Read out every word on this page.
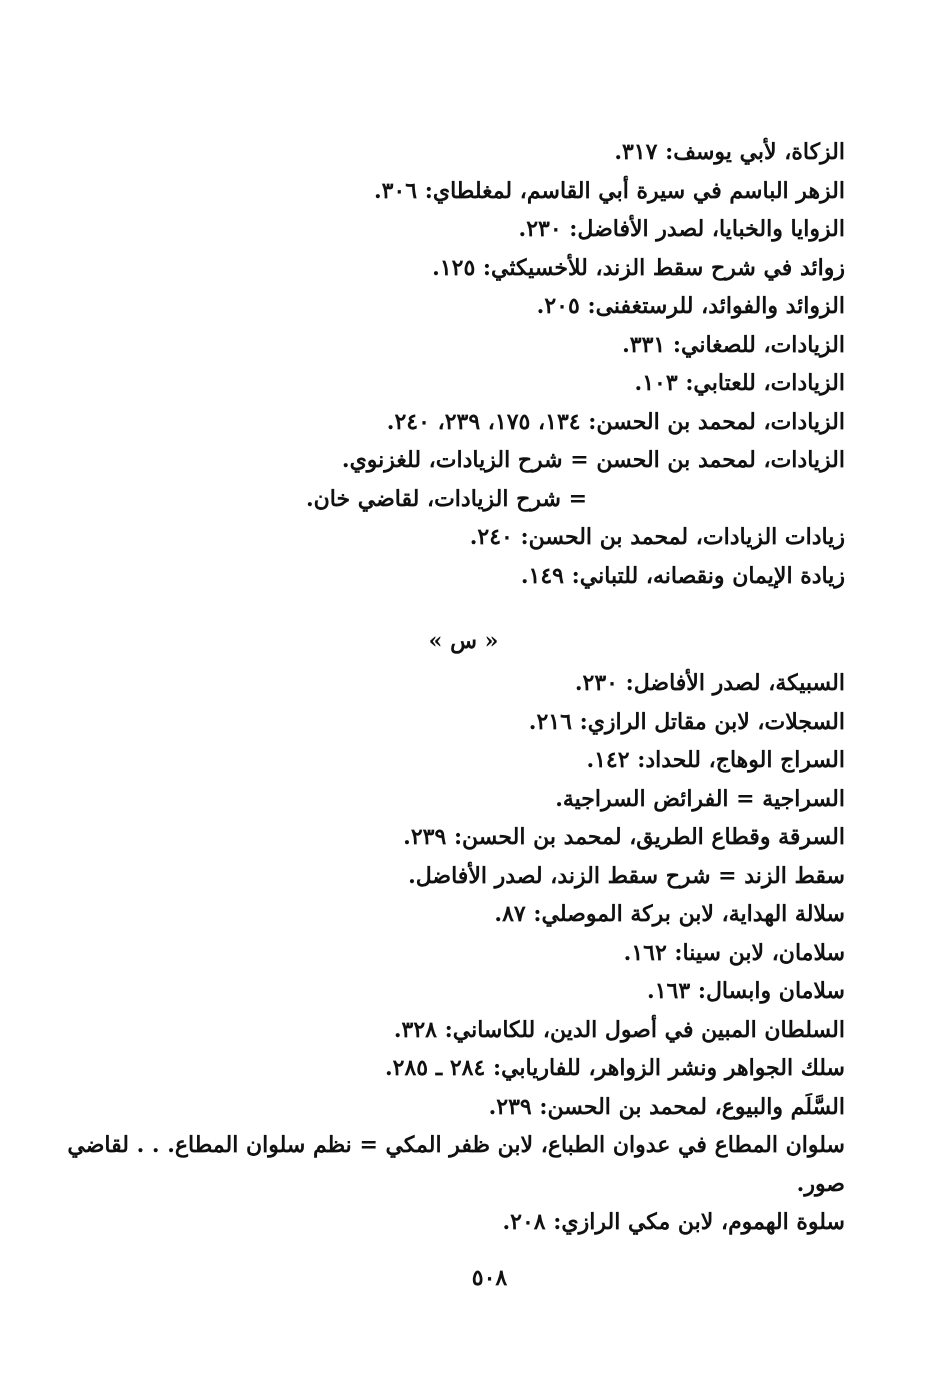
الزكاة، لأبي يوسف: ٣١٧.
الزهر الباسم في سيرة أبي القاسم، لمغلطاي: ٣٠٦.
الزوايا والخبايا، لصدر الأفاضل: ٢٣٠.
زوائد في شرح سقط الزند، للأخسيكثي: ١٢٥.
الزوائد والفوائد، للرستغفنى: ٢٠٥.
الزيادات، للصغاني: ٣٣١.
الزيادات، للعتابي: ١٠٣.
الزيادات، لمحمد بن الحسن: ١٣٤، ١٧٥، ٢٣٩، ٢٤٠.
الزيادات، لمحمد بن الحسن = شرح الزيادات، للغزنوي.
= شرح الزيادات، لقاضي خان.
زيادات الزيادات، لمحمد بن الحسن: ٢٤٠.
زيادة الإيمان ونقصانه، للتباني: ١٤٩.
« س »
السبيكة، لصدر الأفاضل: ٢٣٠.
السجلات، لابن مقاتل الرازي: ٢١٦.
السراج الوهاج، للحداد: ١٤٢.
السراجية = الفرائض السراجية.
السرقة وقطاع الطريق، لمحمد بن الحسن: ٢٣٩.
سقط الزند = شرح سقط الزند، لصدر الأفاضل.
سلالة الهداية، لابن بركة الموصلي: ٨٧.
سلامان، لابن سينا: ١٦٢.
سلامان وابسال: ١٦٣.
السلطان المبين في أصول الدين، للكاساني: ٣٢٨.
سلك الجواهر ونشر الزواهر، للفاريابي: ٢٨٤ ـ ٢٨٥.
السَّلَم والبيوع، لمحمد بن الحسن: ٢٣٩.
سلوان المطاع في عدوان الطباع، لابن ظفر المكي = نظم سلوان المطاع. . . لقاضي
صور.
سلوة الهموم، لابن مكي الرازي: ٢٠٨.
٥٠٨
